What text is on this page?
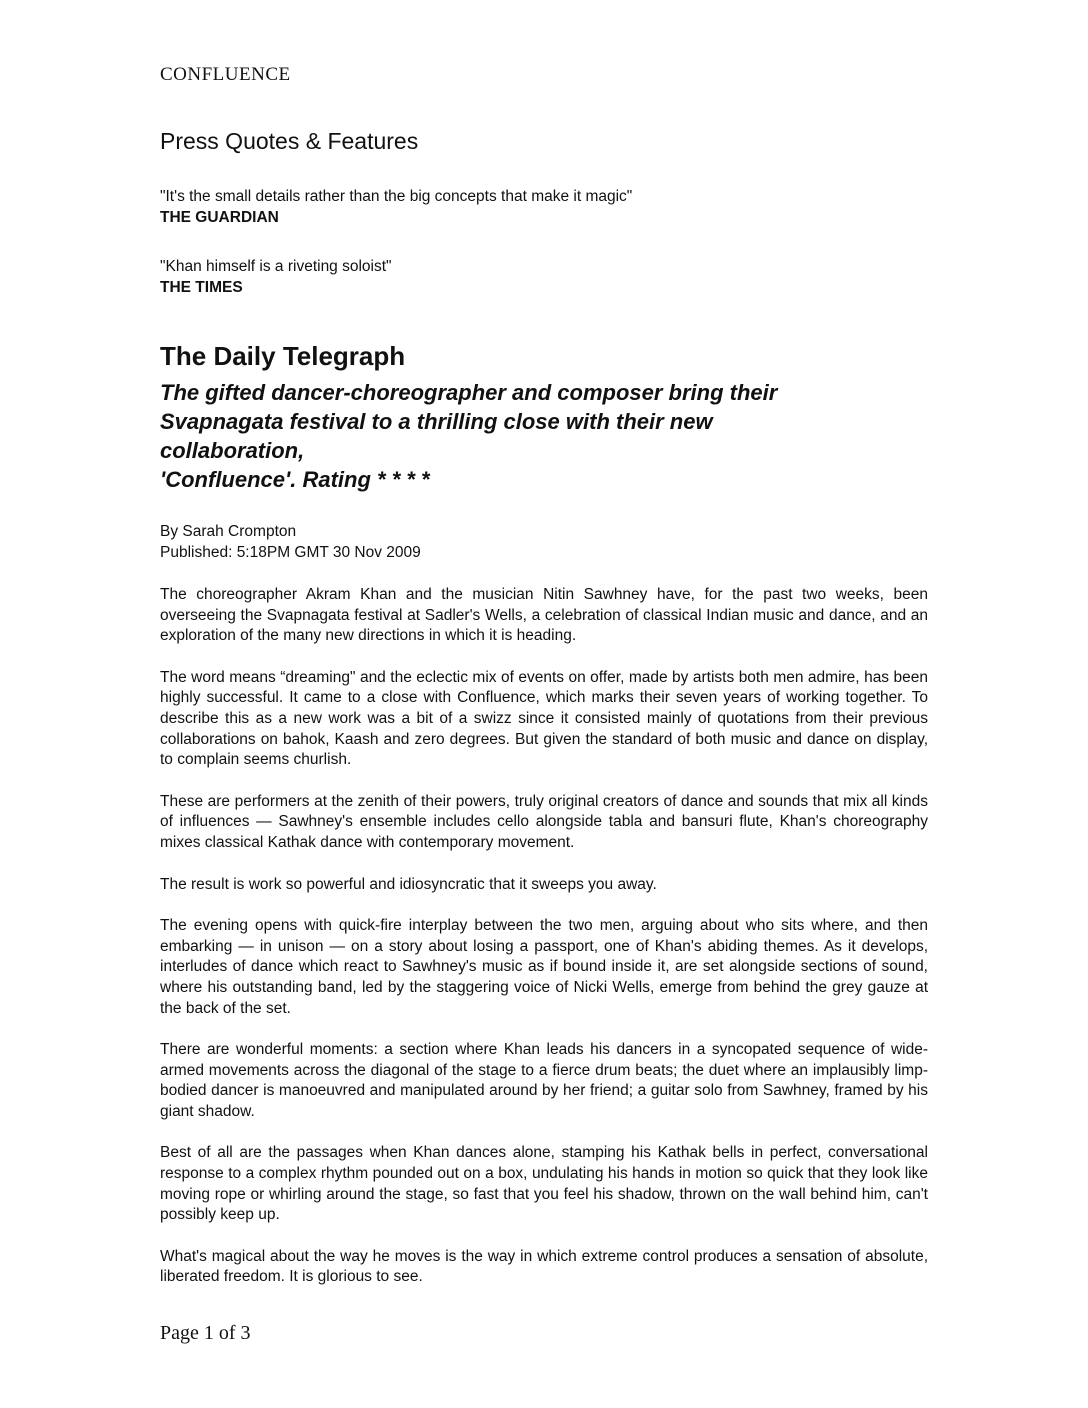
CONFLUENCE
Press Quotes & Features
"It's the small details rather than the big concepts that make it magic"
THE GUARDIAN
"Khan himself is a riveting soloist"
THE TIMES
The Daily Telegraph
The gifted dancer-choreographer and composer bring their
Svapnagata festival to a thrilling close with their new
collaboration,
'Confluence'. Rating * * * *
By Sarah Crompton
Published: 5:18PM GMT 30 Nov 2009

The choreographer Akram Khan and the musician Nitin Sawhney have, for the past two weeks, been overseeing the Svapnagata festival at Sadler's Wells, a celebration of classical Indian music and dance, and an exploration of the many new directions in which it is heading.

The word means “dreaming" and the eclectic mix of events on offer, made by artists both men admire, has been highly successful. It came to a close with Confluence, which marks their seven years of working together. To describe this as a new work was a bit of a swizz since it consisted mainly of quotations from their previous collaborations on bahok, Kaash and zero degrees. But given the standard of both music and dance on display, to complain seems churlish.

These are performers at the zenith of their powers, truly original creators of dance and sounds that mix all kinds of influences — Sawhney's ensemble includes cello alongside tabla and bansuri flute, Khan's choreography mixes classical Kathak dance with contemporary movement.

The result is work so powerful and idiosyncratic that it sweeps you away.

The evening opens with quick-fire interplay between the two men, arguing about who sits where, and then embarking — in unison — on a story about losing a passport, one of Khan's abiding themes. As it develops, interludes of dance which react to Sawhney's music as if bound inside it, are set alongside sections of sound, where his outstanding band, led by the staggering voice of Nicki Wells, emerge from behind the grey gauze at the back of the set.

There are wonderful moments: a section where Khan leads his dancers in a syncopated sequence of wide-armed movements across the diagonal of the stage to a fierce drum beats; the duet where an implausibly limp-bodied dancer is manoeuvred and manipulated around by her friend; a guitar solo from Sawhney, framed by his giant shadow.

Best of all are the passages when Khan dances alone, stamping his Kathak bells in perfect, conversational response to a complex rhythm pounded out on a box, undulating his hands in motion so quick that they look like moving rope or whirling around the stage, so fast that you feel his shadow, thrown on the wall behind him, can't possibly keep up.

What's magical about the way he moves is the way in which extreme control produces a sensation of absolute, liberated freedom. It is glorious to see.

Page 1 of 3
